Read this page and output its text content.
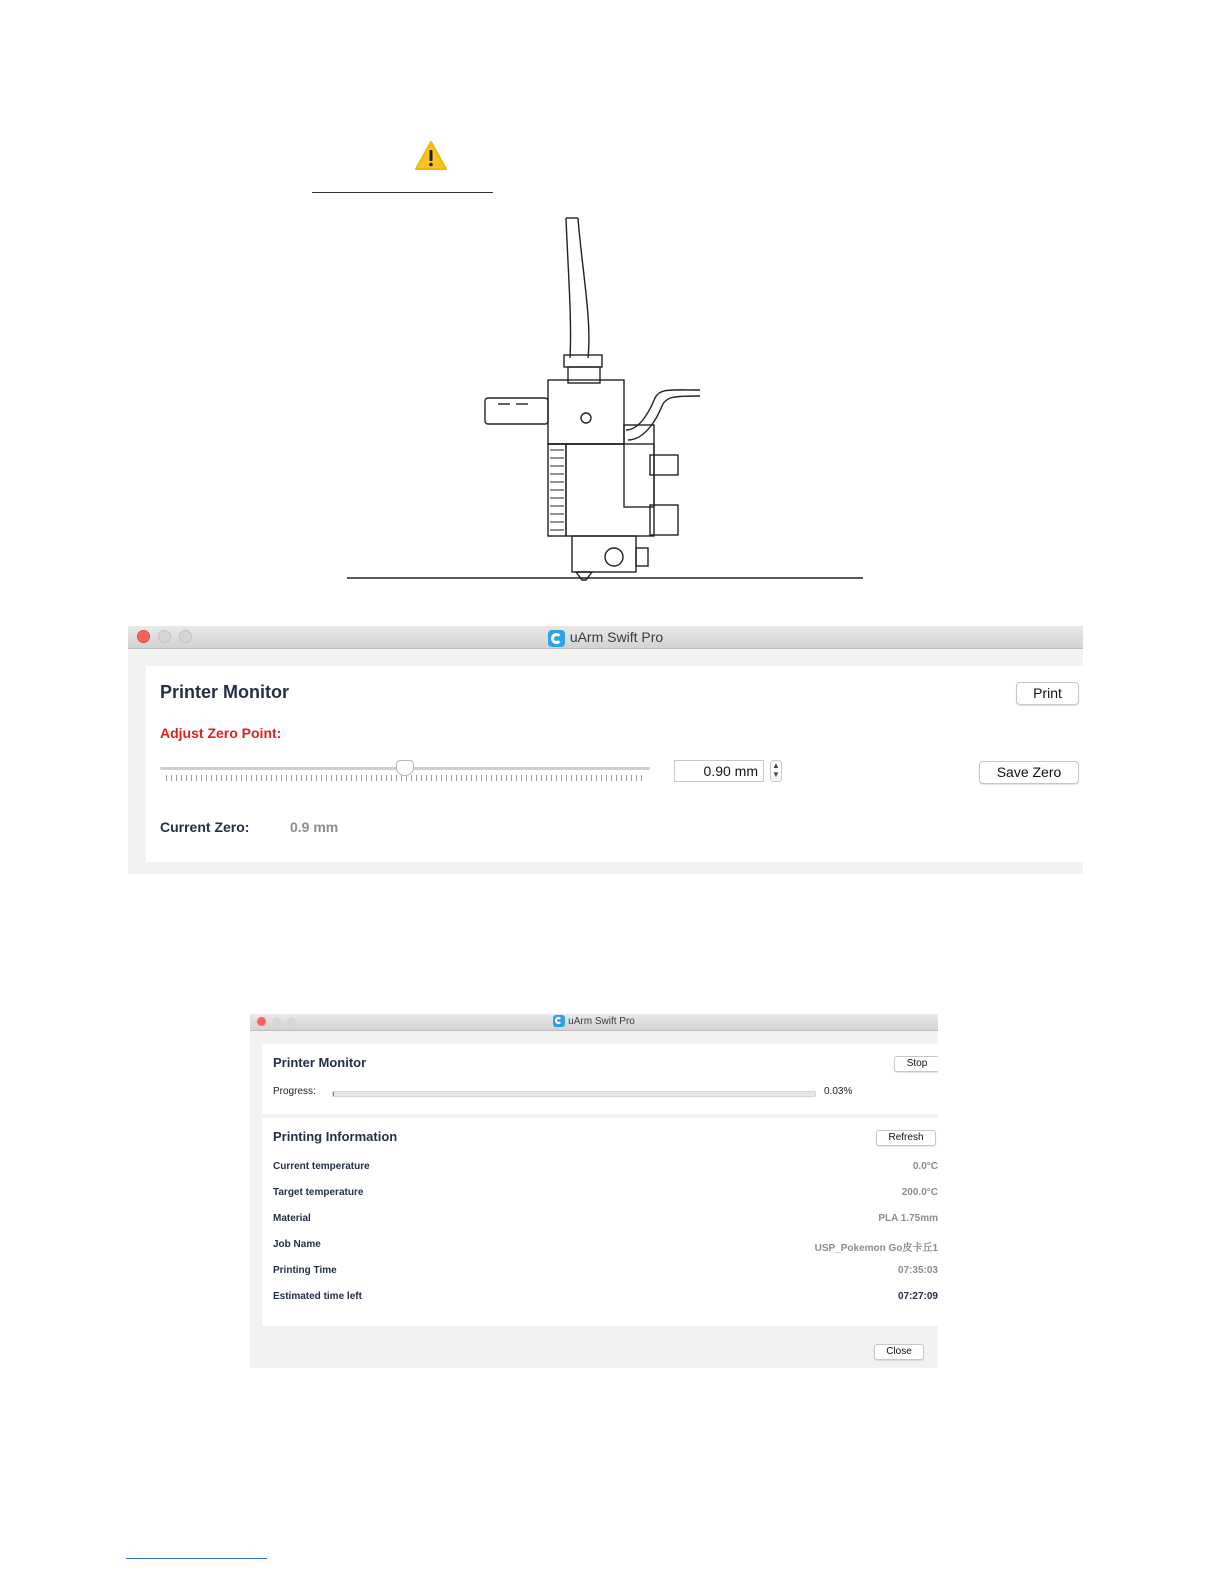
uArm Swift Pro
Printer Monitor	Print
Adjust Zero Point:
0.90 mm	▲
▼	Save Zero
Current Zero:	0.9 mm
uArm Swift Pro
Printer Monitor	Stop
Progress:	0.03%
Printing Information	Refresh
Current temperature	0.0°C
Target temperature	200.0°C
Material	PLA 1.75mm
Job Name	USP_Pokemon Go皮卡丘1
Printing Time	07:35:03
Estimated time left	07:27:09
Close
